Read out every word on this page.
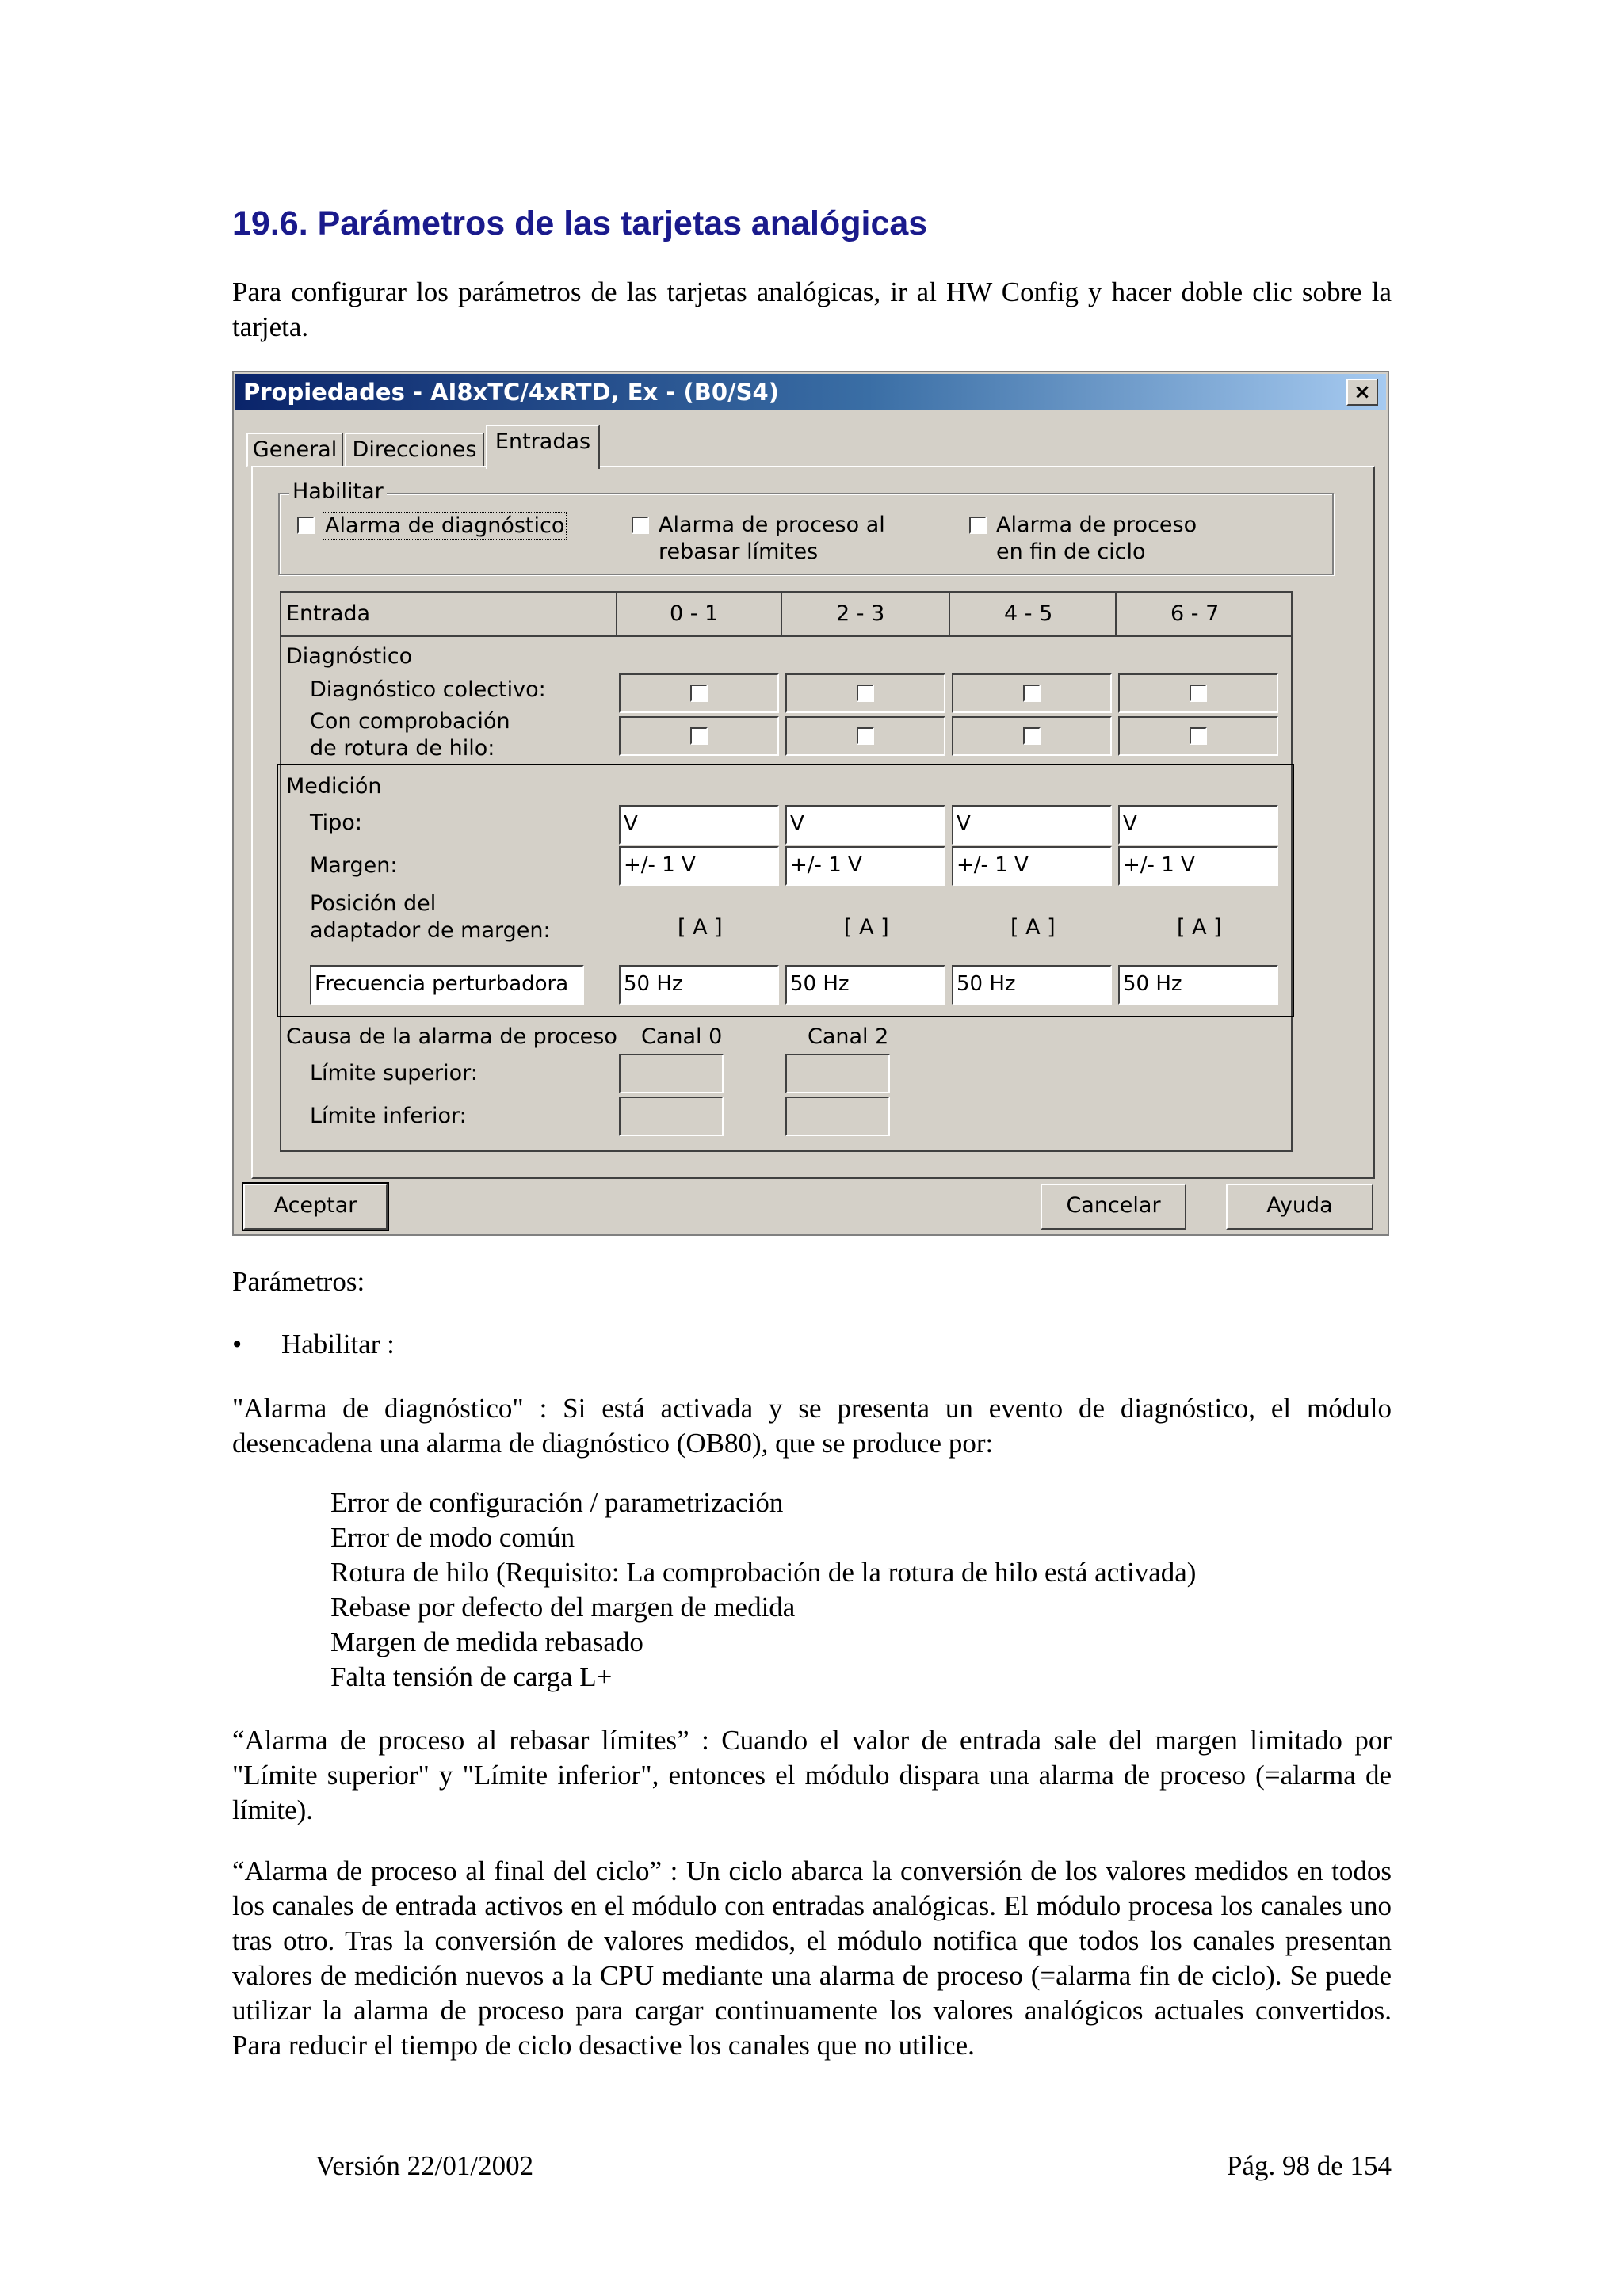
19.6. Parámetros de las tarjetas analógicas

Para configurar los parámetros de las tarjetas analógicas, ir al HW Config y hacer doble clic sobre la tarjeta.

Propiedades - AI8xTC/4xRTD, Ex - (B0/S4)	×
General Direcciones Entradas
Habilitar
Alarma de diagnóstico	Alarma de proceso al
rebasar límites
Alarma de proceso
en fin de ciclo
Entrada	0 - 1	2 - 3	4 - 5	6 - 7
Diagnóstico
Diagnóstico colectivo:
Con comprobación
de rotura de hilo:
Medición
Tipo:	V	V	V	V
Margen:	+/- 1 V	+/- 1 V	+/- 1 V	+/- 1 V
Posición del
adaptador de margen:	[ A ]	[ A ]	[ A ]	[ A ]
Frecuencia perturbadora	50 Hz	50 Hz	50 Hz	50 Hz
Causa de la alarma de proceso Canal 0	Canal 2
Límite superior:
Límite inferior:
Aceptar	Cancelar	Ayuda

Parámetros:

• Habilitar :

"Alarma de diagnóstico" : Si está activada y se presenta un evento de diagnóstico, el módulo desencadena una alarma de diagnóstico (OB80), que se produce por:

Error de configuración / parametrización
Error de modo común
Rotura de hilo (Requisito: La comprobación de la rotura de hilo está activada)
Rebase por defecto del margen de medida
Margen de medida rebasado
Falta tensión de carga L+

“Alarma de proceso al rebasar límites” : Cuando el valor de entrada sale del margen limitado por "Límite superior" y "Límite inferior", entonces el módulo dispara una alarma de proceso (=alarma de límite).

“Alarma de proceso al final del ciclo” : Un ciclo abarca la conversión de los valores medidos en todos los canales de entrada activos en el módulo con entradas analógicas. El módulo procesa los canales uno tras otro. Tras la conversión de valores medidos, el módulo notifica que todos los canales presentan valores de medición nuevos a la CPU mediante una alarma de proceso (=alarma fin de ciclo). Se puede utilizar la alarma de proceso para cargar continuamente los valores analógicos actuales convertidos. Para reducir el tiempo de ciclo desactive los canales que no utilice.

Versión 22/01/2002	Pág. 98 de 154
